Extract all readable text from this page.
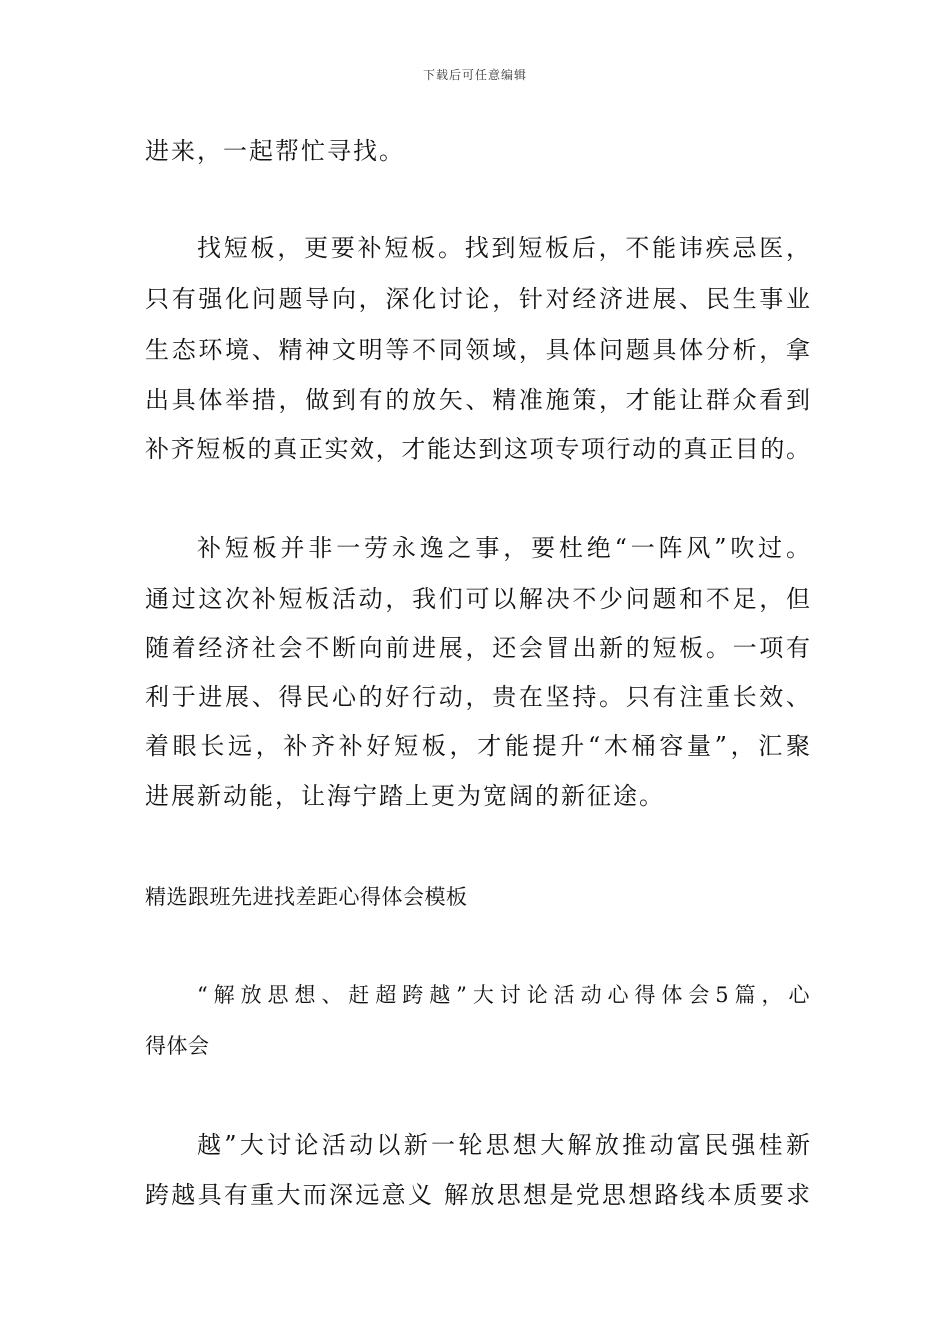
下载后可任意编辑
进来，一起帮忙寻找。
找短板，更要补短板。找到短板后，不能讳疾忌医，
只有强化问题导向，深化讨论，针对经济进展、民生事业
生态环境、精神文明等不同领域，具体问题具体分析，拿
出具体举措，做到有的放矢、精准施策，才能让群众看到
补齐短板的真正实效，才能达到这项专项行动的真正目的。
补短板并非一劳永逸之事，要杜绝“一阵风”吹过。
通过这次补短板活动，我们可以解决不少问题和不足，但
随着经济社会不断向前进展，还会冒出新的短板。一项有
利于进展、得民心的好行动，贵在坚持。只有注重长效、
着眼长远，补齐补好短板，才能提升“木桶容量”，汇聚
进展新动能，让海宁踏上更为宽阔的新征途。
精选跟班先进找差距心得体会模板
“解放思想、赶超跨越”大讨论活动心得体会5篇，心
得体会
越”大讨论活动以新一轮思想大解放推动富民强桂新
跨越具有重大而深远意义 解放思想是党思想路线本质要求
